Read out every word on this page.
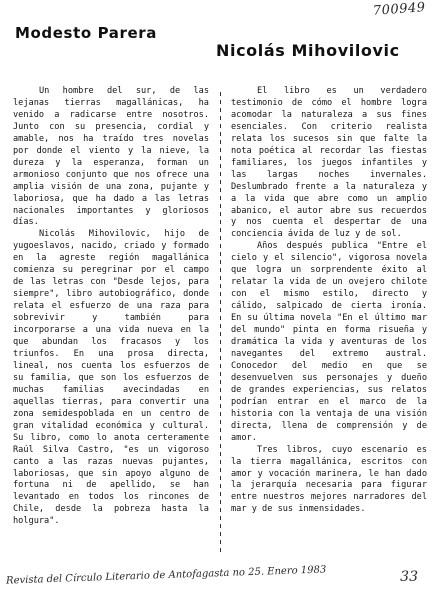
700949
Modesto Parera
Nicolás Mihovilovic

Un hombre del sur, de las lejanas tierras magallánicas, ha venido a radicarse entre nosotros. Junto con su presencia, cordial y amable, nos ha traído tres novelas por donde el viento y la nieve, la dureza y la esperanza, forman un armonioso conjunto que nos ofrece una amplia visión de una zona, pujante y laboriosa, que ha dado a las letras nacionales importantes y gloriosos días.

Nicolás Mihovilovic, hijo de yugoeslavos, nacido, criado y formado en la agreste región magallánica comienza su peregrinar por el campo de las letras con "Desde lejos, para siempre", libro autobiográfico, donde relata el esfuerzo de una raza para sobrevivir y también para incorporarse a una vida nueva en la que abundan los fracasos y los triunfos. En una prosa directa, lineal, nos cuenta los esfuerzos de su familia, que son los esfuerzos de muchas familias avecindadas en aquellas tierras, para convertir una zona semidespoblada en un centro de gran vitalidad económica y cultural. Su libro, como lo anota certeramente Raúl Silva Castro, "es un vigoroso canto a las razas nuevas pujantes, laboriosas, que sin apoyo alguno de fortuna ni de apellido, se han levantado en todos los rincones de Chile, desde la pobreza hasta la holgura".

El libro es un verdadero testimonio de cómo el hombre logra acomodar la naturaleza a sus fines esenciales. Con criterio realista relata los sucesos sin que falte la nota poética al recordar las fiestas familiares, los juegos infantiles y las largas noches invernales. Deslumbrado frente a la naturaleza y a la vida que abre como un amplio abanico, el autor abre sus recuerdos y nos cuenta el despertar de una conciencia ávida de luz y de sol.

Años después publica "Entre el cielo y el silencio", vigorosa novela que logra un sorprendente éxito al relatar la vida de un ovejero chilote con el mismo estilo, directo y cálido, salpicado de cierta ironía. En su última novela "En el último mar del mundo" pinta en forma risueña y dramática la vida y aventuras de los navegantes del extremo austral. Conocedor del medio en que se desenvuelven sus personajes y dueño de grandes experiencias, sus relatos podrían entrar en el marco de la historia con la ventaja de una visión directa, llena de comprensión y de amor.

Tres libros, cuyo escenario es la tierra magallánica, escritos con amor y vocación marinera, le han dado la jerarquía necesaria para figurar entre nuestros mejores narradores del mar y de sus inmensidades.

Revista del Círculo Literario de Antofagasta no 25. Enero 1983	33
